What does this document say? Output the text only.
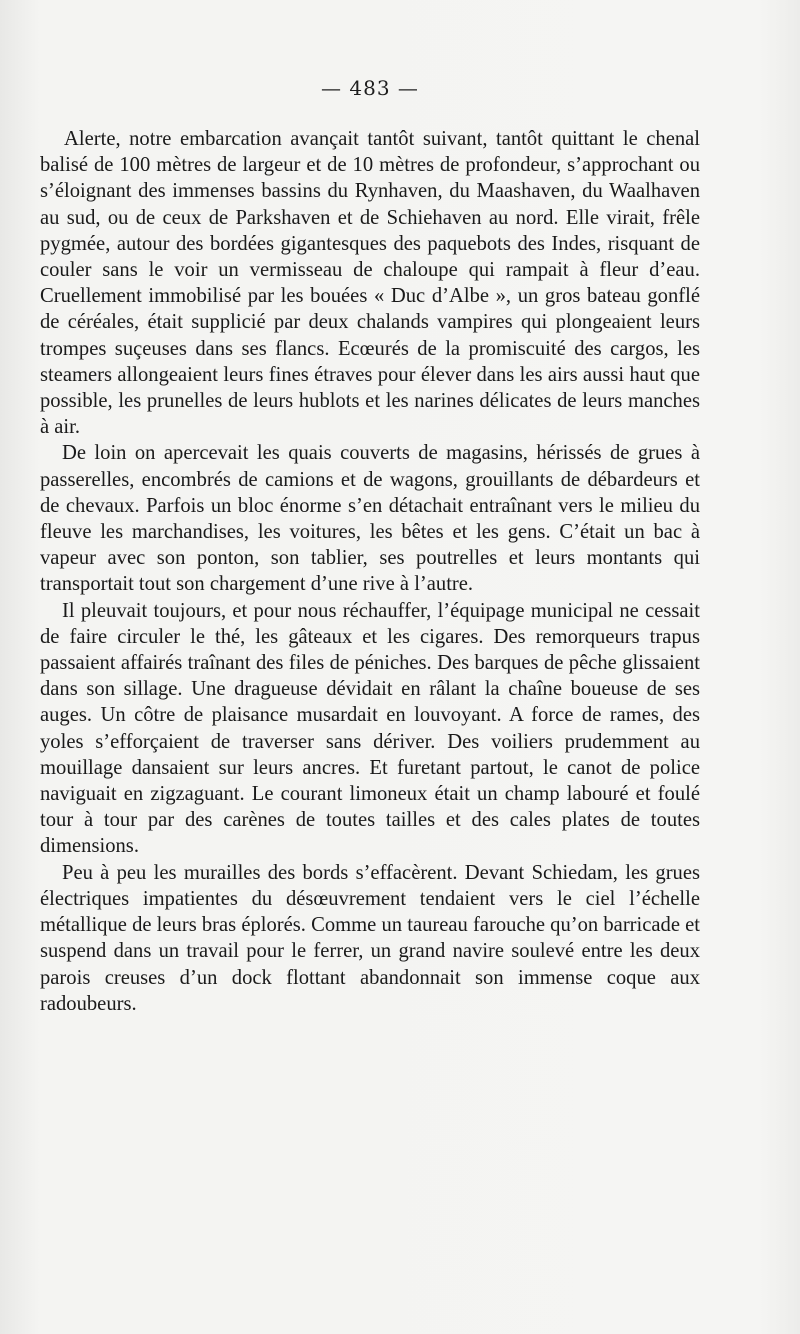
— 483 —

Alerte, notre embarcation avançait tantôt suivant, tantôt quittant le chenal balisé de 100 mètres de largeur et de 10 mètres de profondeur, s’approchant ou s’éloignant des immenses bassins du Rynhaven, du Maashaven, du Waalhaven au sud, ou de ceux de Parkshaven et de Schiehaven au nord. Elle virait, frêle pygmée, autour des bordées gigantesques des paquebots des Indes, risquant de couler sans le voir un vermisseau de chaloupe qui rampait à fleur d’eau. Cruellement immobilisé par les bouées « Duc d’Albe », un gros bateau gonflé de céréales, était supplicié par deux chalands vampires qui plongeaient leurs trompes suçeuses dans ses flancs. Ecœurés de la promiscuité des cargos, les steamers allongeaient leurs fines étraves pour élever dans les airs aussi haut que possible, les prunelles de leurs hublots et les narines délicates de leurs manches à air.

De loin on apercevait les quais couverts de magasins, hérissés de grues à passerelles, encombrés de camions et de wagons, grouillants de débardeurs et de chevaux. Parfois un bloc énorme s’en détachait entraînant vers le milieu du fleuve les marchandises, les voitures, les bêtes et les gens. C’était un bac à vapeur avec son ponton, son tablier, ses poutrelles et leurs montants qui transportait tout son chargement d’une rive à l’autre.

Il pleuvait toujours, et pour nous réchauffer, l’équipage municipal ne cessait de faire circuler le thé, les gâteaux et les cigares. Des remorqueurs trapus passaient affairés traînant des files de péniches. Des barques de pêche glissaient dans son sillage. Une dragueuse dévidait en râlant la chaîne boueuse de ses auges. Un côtre de plaisance musardait en louvoyant. A force de rames, des yoles s’efforçaient de traverser sans dériver. Des voiliers prudemment au mouillage dansaient sur leurs ancres. Et furetant partout, le canot de police naviguait en zigzaguant. Le courant limoneux était un champ labouré et foulé tour à tour par des carènes de toutes tailles et des cales plates de toutes dimensions.

Peu à peu les murailles des bords s’effacèrent. Devant Schiedam, les grues électriques impatientes du désœuvrement tendaient vers le ciel l’échelle métallique de leurs bras éplorés. Comme un taureau farouche qu’on barricade et suspend dans un travail pour le ferrer, un grand navire soulevé entre les deux parois creuses d’un dock flottant abandonnait son immense coque aux radoubeurs.
